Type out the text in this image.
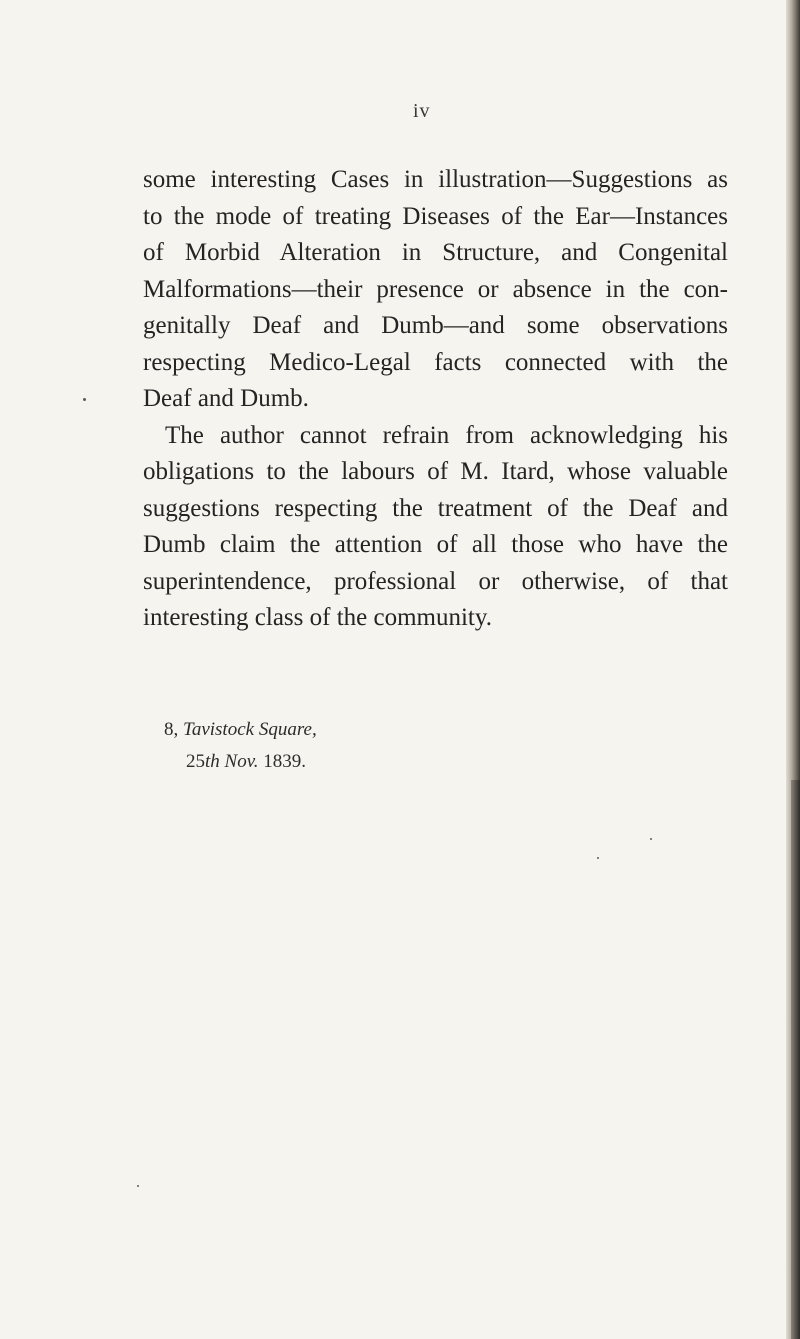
iv
some interesting Cases in illustration—Suggestions as
to the mode of treating Diseases of the Ear—Instances
of Morbid Alteration in Structure, and Congenital
Malformations—their presence or absence in the con-
genitally Deaf and Dumb—and some observations
respecting Medico-Legal facts connected with the
Deaf and Dumb.
The author cannot refrain from acknowledging his
obligations to the labours of M. Itard, whose valuable
suggestions respecting the treatment of the Deaf and
Dumb claim the attention of all those who have the
superintendence, professional or otherwise, of that
interesting class of the community.
8, Tavistock Square,
25th Nov. 1839.
